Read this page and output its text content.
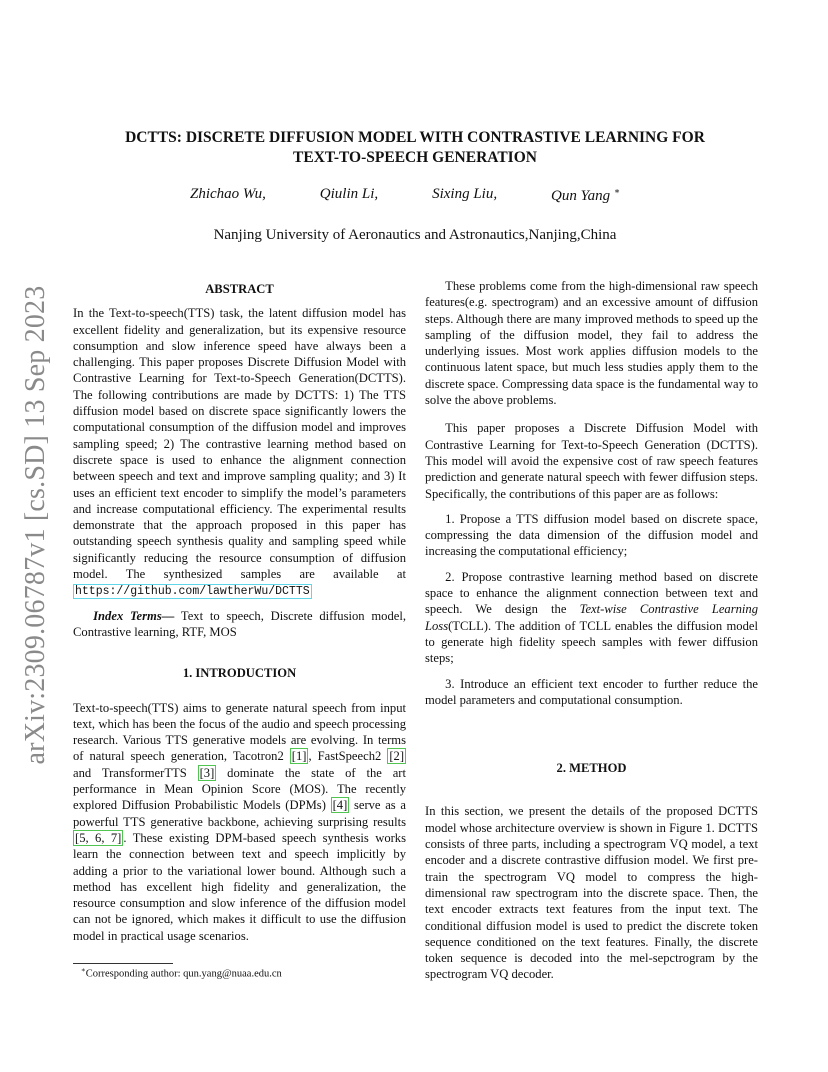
arXiv:2309.06787v1 [cs.SD] 13 Sep 2023
DCTTS: DISCRETE DIFFUSION MODEL WITH CONTRASTIVE LEARNING FOR
TEXT-TO-SPEECH GENERATION
Zhichao Wu,	Qiulin Li,	Sixing Liu,	Qun Yang ∗
Nanjing University of Aeronautics and Astronautics,Nanjing,China

ABSTRACT

In the Text-to-speech(TTS) task, the latent diffusion model has excellent fidelity and generalization, but its expensive resource consumption and slow inference speed have always been a challenging. This paper proposes Discrete Diffusion Model with Contrastive Learning for Text-to-Speech Generation(DCTTS). The following contributions are made by DCTTS: 1) The TTS diffusion model based on discrete space significantly lowers the computational consumption of the diffusion model and improves sampling speed; 2) The contrastive learning method based on discrete space is used to enhance the alignment connection between speech and text and improve sampling quality; and 3) It uses an efficient text encoder to simplify the model’s parameters and increase computational efficiency. The experimental results demonstrate that the approach proposed in this paper has outstanding speech synthesis quality and sampling speed while significantly reducing the resource consumption of diffusion model. The synthesized samples are available at https://github.com/lawtherWu/DCTTS

Index Terms— Text to speech, Discrete diffusion model, Contrastive learning, RTF, MOS

1. INTRODUCTION

Text-to-speech(TTS) aims to generate natural speech from input text, which has been the focus of the audio and speech processing research. Various TTS generative models are evolving. In terms of natural speech generation, Tacotron2 [1] , FastSpeech2 [2] and TransformerTTS [3] dominate the state of the art performance in Mean Opinion Score (MOS). The recently explored Diffusion Probabilistic Models (DPMs) [4] serve as a powerful TTS generative backbone, achieving surprising results [5, 6, 7] . These existing DPM-based speech synthesis works learn the connection between text and speech implicitly by adding a prior to the variational lower bound. Although such a method has excellent high fidelity and generalization, the resource consumption and slow inference of the diffusion model can not be ignored, which makes it difficult to use the diffusion model in practical usage scenarios.

∗Corresponding author: qun.yang@nuaa.edu.cn

These problems come from the high-dimensional raw speech features(e.g. spectrogram) and an excessive amount of diffusion steps. Although there are many improved methods to speed up the sampling of the diffusion model, they fail to address the underlying issues. Most work applies diffusion models to the continuous latent space, but much less studies apply them to the discrete space. Compressing data space is the fundamental way to solve the above problems.

This paper proposes a Discrete Diffusion Model with Contrastive Learning for Text-to-Speech Generation (DCTTS). This model will avoid the expensive cost of raw speech features prediction and generate natural speech with fewer diffusion steps. Specifically, the contributions of this paper are as follows:

1. Propose a TTS diffusion model based on discrete space, compressing the data dimension of the diffusion model and increasing the computational efficiency;

2. Propose contrastive learning method based on discrete space to enhance the alignment connection between text and speech. We design the Text-wise Contrastive Learning Loss(TCLL). The addition of TCLL enables the diffusion model to generate high fidelity speech samples with fewer diffusion steps;

3. Introduce an efficient text encoder to further reduce the model parameters and computational consumption.

2. METHOD

In this section, we present the details of the proposed DCTTS model whose architecture overview is shown in Figure 1. DCTTS consists of three parts, including a spectrogram VQ model, a text encoder and a discrete contrastive diffusion model. We first pre-train the spectrogram VQ model to compress the high-dimensional raw spectrogram into the discrete space. Then, the text encoder extracts text features from the input text. The conditional diffusion model is used to predict the discrete token sequence conditioned on the text features. Finally, the discrete token sequence is decoded into the mel-sepctrogram by the spectrogram VQ decoder.
